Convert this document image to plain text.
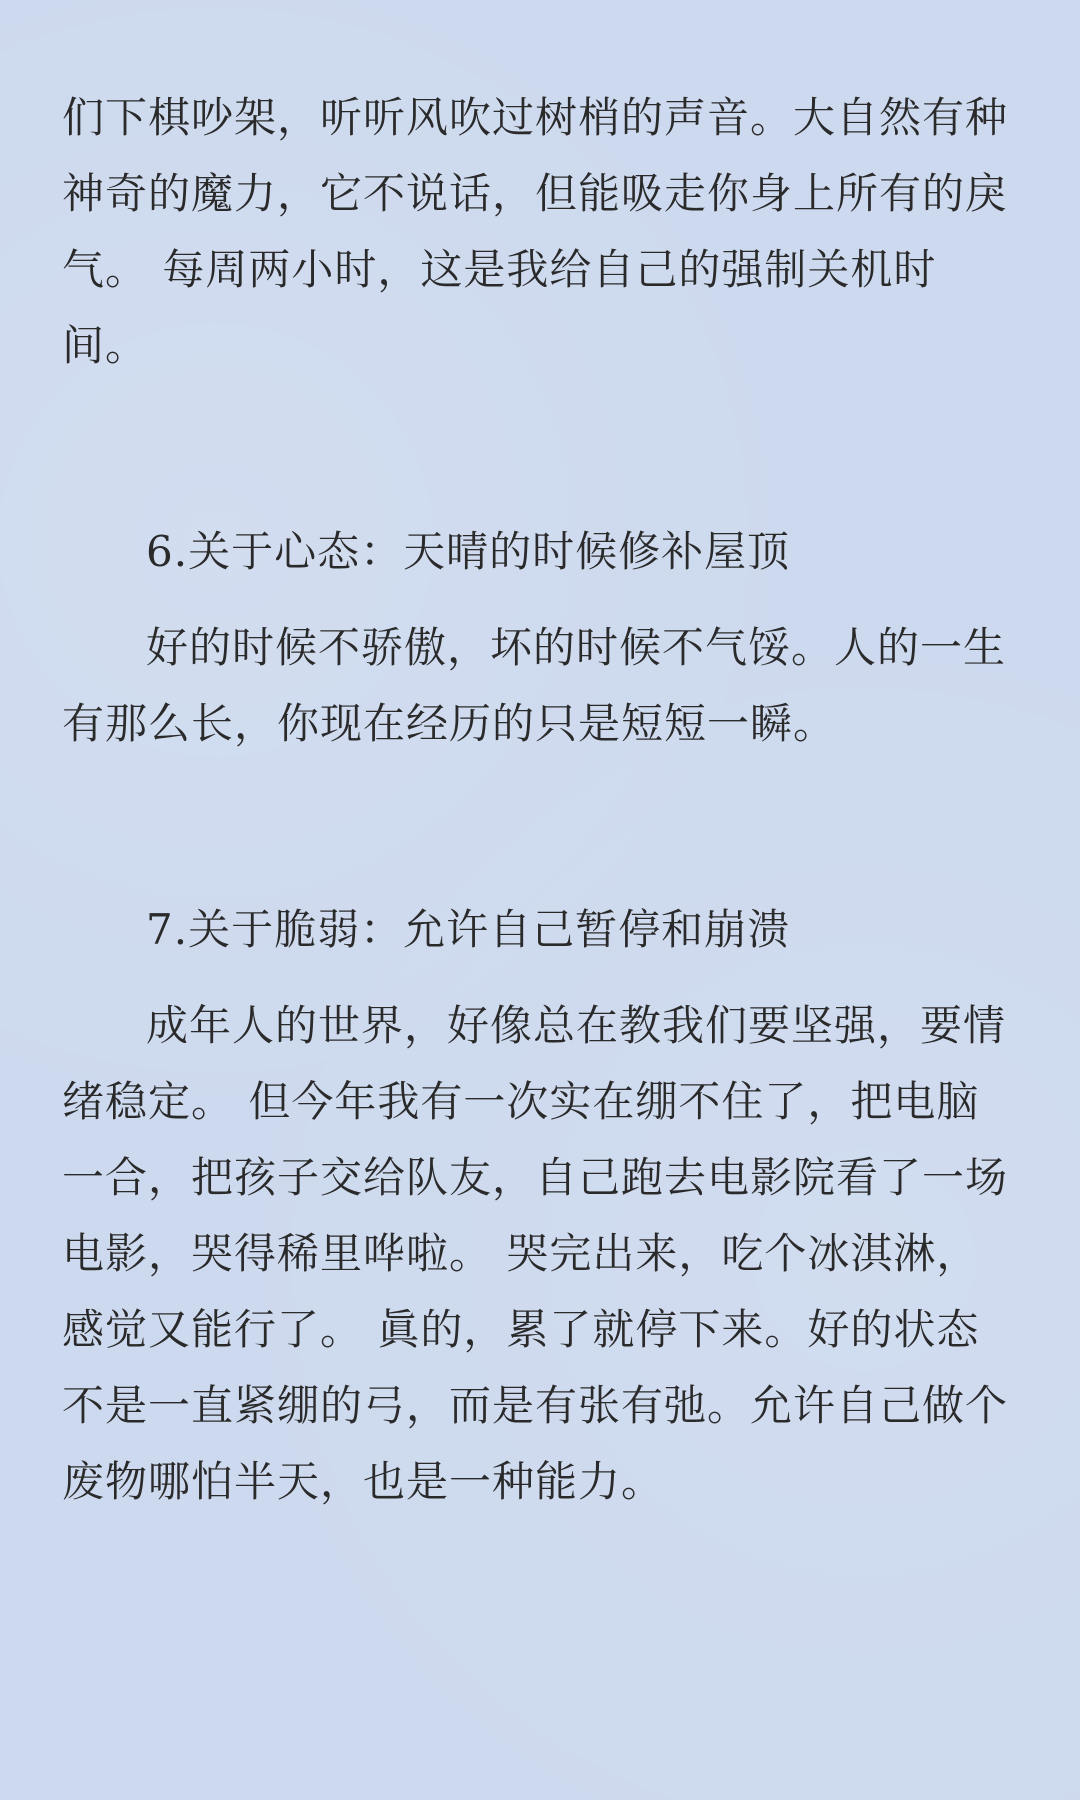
们下棋吵架，听听风吹过树梢的声音。大自然有种神奇的魔力，它不说话，但能吸走你身上所有的戾气。 每周两小时，这是我给自己的强制关机时间。

6.关于心态：天晴的时候修补屋顶

好的时候不骄傲，坏的时候不气馁。人的一生有那么长，你现在经历的只是短短一瞬。

7.关于脆弱：允许自己暂停和崩溃

成年人的世界，好像总在教我们要坚强，要情绪稳定。 但今年我有一次实在绷不住了，把电脑一合，把孩子交给队友，自己跑去电影院看了一场电影，哭得稀里哗啦。 哭完出来，吃个冰淇淋，感觉又能行了。 眞的，累了就停下来。好的状态不是一直紧绷的弓，而是有张有弛。允许自己做个废物哪怕半天，也是一种能力。
